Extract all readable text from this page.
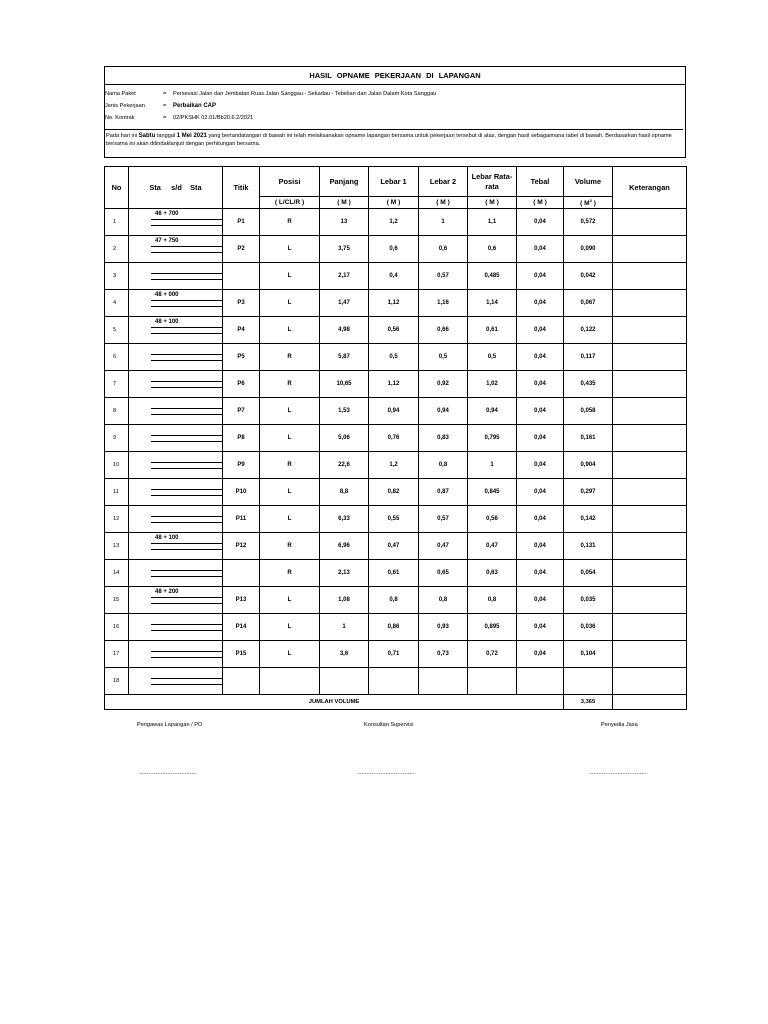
HASIL OPNAME PEKERJAAN DI LAPANGAN
Nama Paket	= Persevasi Jalan dan Jembatan Ruas Jalan Sanggau - Sekadau - Tebelian dan Jalan Dalam Kota Sanggau
Jenis Pekerjaan	= Perbaikan CAP
No. Kontrak	= 02/PKSHK 02.01/Bb20.6.2/2021
Pada hari ini Sabtu tanggal 1 Mei 2021 yang bertandatangan di bawah ini telah melaksanakan opname lapangan bersama untuk pekerjaan tersebut di atas, dengan hasil sebagaimana tabel di bawah. Berdasarkan hasil opname bersama ini akan ditindaklanjuti dengan perhitungan bersama.
No	Sta     s/d    Sta	Titik	Posisi	Panjang	Lebar 1	Lebar 2	Lebar Rata-rata	Tebal	Volume	Keterangan
			( L/CL/R )	( M )	( M )	( M )	( M )	( M )	( $M^3$ )	
1	46 + 700	P1	R	13	1,2	1	1,1	0,04	0,572	
2	47 + 750	P2	L	3,75	0,6	0,6	0,6	0,04	0,090	
3			L	2,17	0,4	0,57	0,485	0,04	0,042	
4	48 + 000	P3	L	1,47	1,12	1,16	1,14	0,04	0,067	
5	48 + 100	P4	L	4,98	0,56	0,66	0,61	0,04	0,122	
6		P5	R	5,87	0,5	0,5	0,5	0,04	0,117	
7		P6	R	10,65	1,12	0,92	1,02	0,04	0,435	
8		P7	L	1,53	0,94	0,94	0,94	0,04	0,058	
9		P8	L	5,06	0,76	0,83	0,795	0,04	0,161	
10		P9	R	22,6	1,2	0,8	1	0,04	0,904	
11		P10	L	8,8	0,82	0,87	0,845	0,04	0,297	
12		P11	L	6,33	0,55	0,57	0,56	0,04	0,142	
13	48 + 100	P12	R	6,96	0,47	0,47	0,47	0,04	0,131	
14			R	2,13	0,61	0,65	0,63	0,04	0,054	
15	48 + 200	P13	L	1,08	0,8	0,8	0,8	0,04	0,035	
16		P14	L	1	0,86	0,93	0,895	0,04	0,036	
17		P15	L	3,6	0,71	0,73	0,72	0,04	0,104	
18	

JUMLAH VOLUME									3,365	
Pengawas Lapangan / PO	Konsultan Supervisi	Penyedia Jasa
------------------------	------------------------	------------------------
